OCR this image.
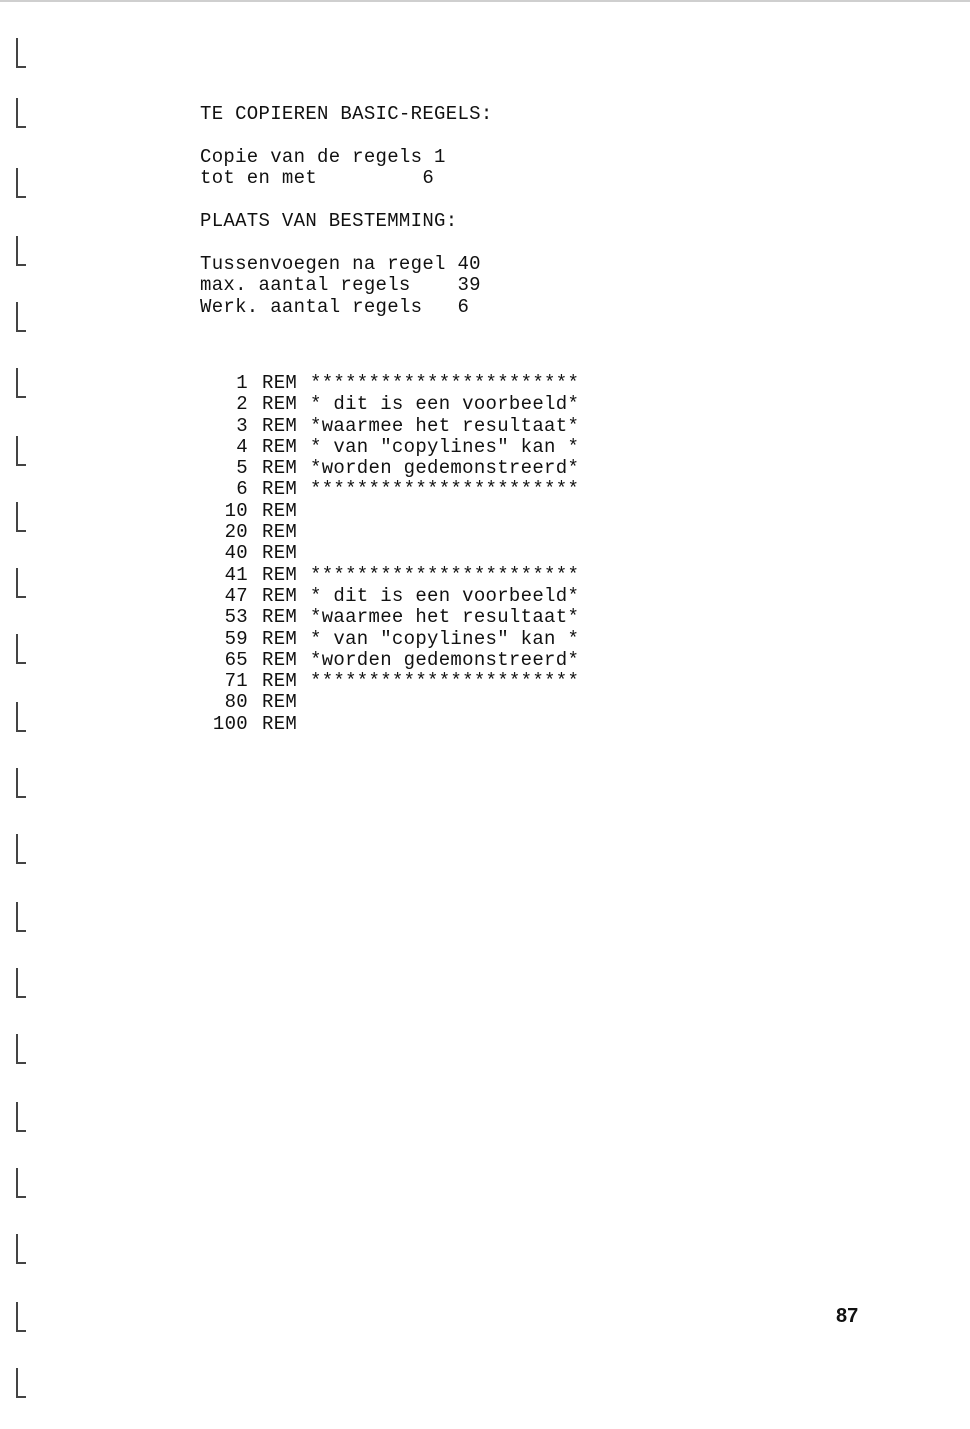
TE COPIEREN BASIC-REGELS:
Copie van de regels 1
tot en met	6
PLAATS VAN BESTEMMING:
Tussenvoegen na regel 40
max. aantal regels 39
Werk. aantal regels 6
1 REM ***********************
2 REM * dit is een voorbeeld*
3 REM *waarmee het resultaat*
4 REM * van "copylines" kan *
5 REM *worden gedemonstreerd*
6 REM ***********************
10 REM
20 REM
40 REM
41 REM ***********************
47 REM * dit is een voorbeeld*
53 REM *waarmee het resultaat*
59 REM * van "copylines" kan *
65 REM *worden gedemonstreerd*
71 REM ***********************
80 REM
100 REM
87
